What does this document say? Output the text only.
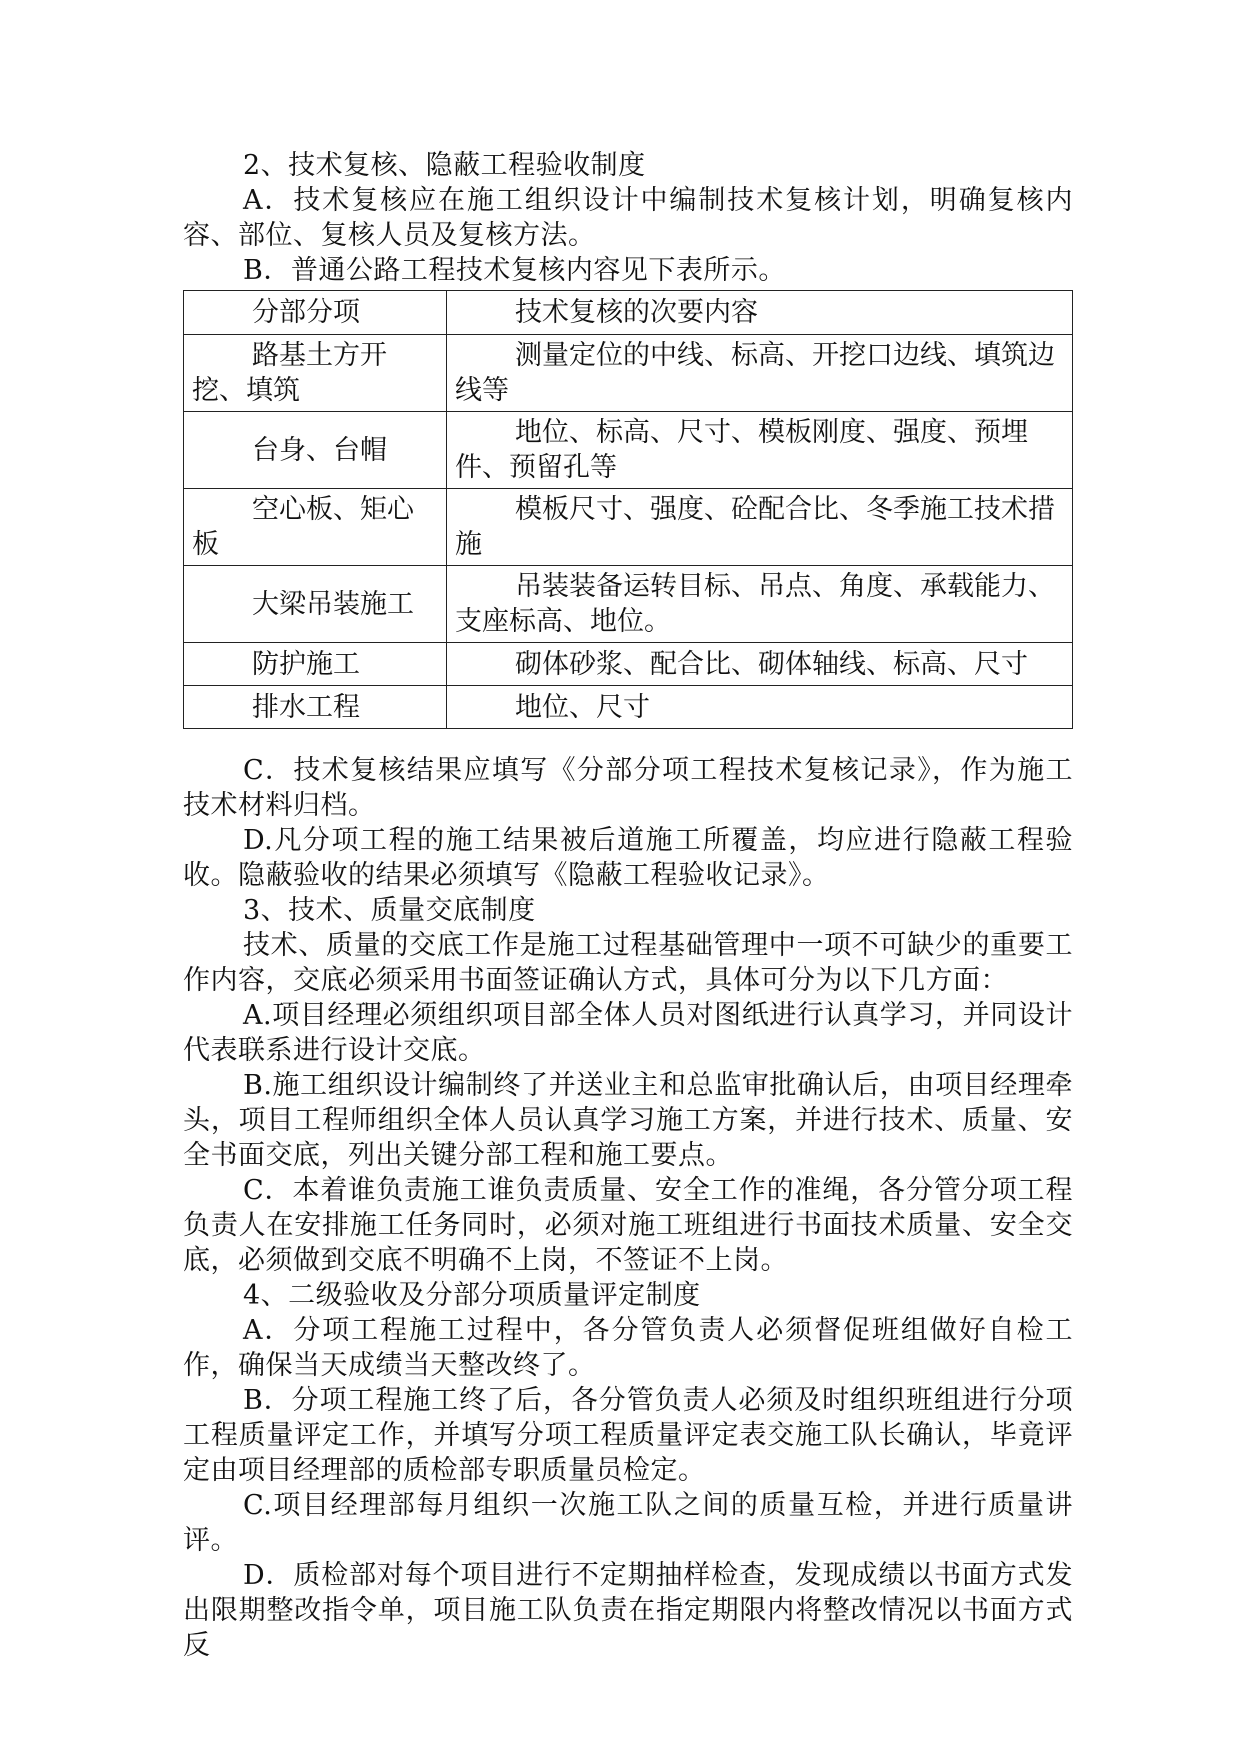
2、技术复核、隐蔽工程验收制度

A．技术复核应在施工组织设计中编制技术复核计划，明确复核内容、部位、复核人员及复核方法。

B．普通公路工程技术复核内容见下表所示。

分部分项	技术复核的次要内容
路基土方开挖、填筑	测量定位的中线、标高、开挖口边线、填筑边线等
台身、台帽	地位、标高、尺寸、模板刚度、强度、预埋件、预留孔等
空心板、矩心板	模板尺寸、强度、砼配合比、冬季施工技术措施
大梁吊装施工	吊装装备运转目标、吊点、角度、承载能力、支座标高、地位。
防护施工	砌体砂浆、配合比、砌体轴线、标高、尺寸
排水工程	地位、尺寸

C．技术复核结果应填写《分部分项工程技术复核记录》，作为施工技术材料归档。

D.凡分项工程的施工结果被后道施工所覆盖，均应进行隐蔽工程验收。隐蔽验收的结果必须填写《隐蔽工程验收记录》。

3、技术、质量交底制度

技术、质量的交底工作是施工过程基础管理中一项不可缺少的重要工作内容，交底必须采用书面签证确认方式，具体可分为以下几方面：

A.项目经理必须组织项目部全体人员对图纸进行认真学习，并同设计代表联系进行设计交底。

B.施工组织设计编制终了并送业主和总监审批确认后，由项目经理牵头，项目工程师组织全体人员认真学习施工方案，并进行技术、质量、安全书面交底，列出关键分部工程和施工要点。

C．本着谁负责施工谁负责质量、安全工作的准绳，各分管分项工程负责人在安排施工任务同时，必须对施工班组进行书面技术质量、安全交底，必须做到交底不明确不上岗，不签证不上岗。

4、二级验收及分部分项质量评定制度

A．分项工程施工过程中，各分管负责人必须督促班组做好自检工作，确保当天成绩当天整改终了。

B．分项工程施工终了后，各分管负责人必须及时组织班组进行分项工程质量评定工作，并填写分项工程质量评定表交施工队长确认，毕竟评定由项目经理部的质检部专职质量员检定。

C.项目经理部每月组织一次施工队之间的质量互检，并进行质量讲评。

D．质检部对每个项目进行不定期抽样检查，发现成绩以书面方式发出限期整改指令单，项目施工队负责在指定期限内将整改情况以书面方式反
